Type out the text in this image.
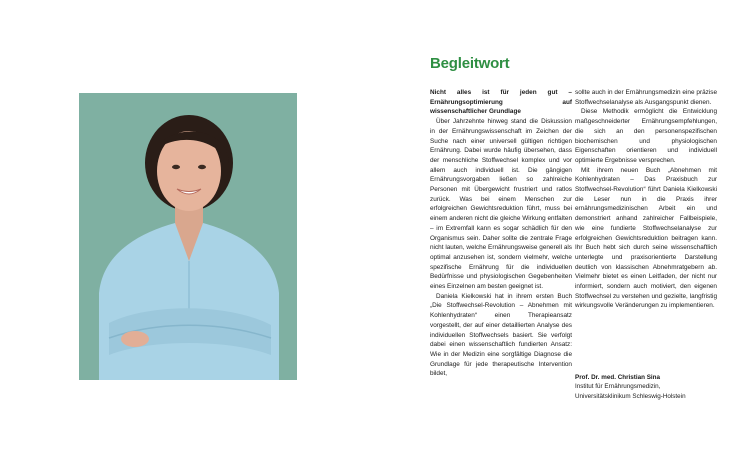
Begleitwort

Nicht alles ist für jeden gut – Ernährungsoptimierung auf wissenschaftlicher Grundlage

Über Jahrzehnte hinweg stand die Diskussion in der Ernährungswissenschaft im Zeichen der Suche nach einer universell gültigen richtigen Ernährung. Dabei wurde häufig übersehen, dass der menschliche Stoffwechsel komplex und vor allem auch individuell ist. Die gängigen Ernährungsvorgaben ließen so zahlreiche Personen mit Übergewicht frustriert und ratlos zurück. Was bei einem Menschen zur erfolgreichen Gewichtsreduktion führt, muss bei einem anderen nicht die gleiche Wirkung entfalten – im Extremfall kann es sogar schädlich für den Organismus sein. Daher sollte die zentrale Frage nicht lauten, welche Ernährungsweise generell als optimal anzusehen ist, sondern vielmehr, welche spezifische Ernährung für die individuellen Bedürfnisse und physiologischen Gegebenheiten eines Einzelnen am besten geeignet ist.

Daniela Kielkowski hat in ihrem ersten Buch „Die Stoffwechsel-Revolution – Abnehmen mit Kohlenhydraten“ einen Therapieansatz vorgestellt, der auf einer detaillierten Analyse des individuellen Stoffwechsels basiert. Sie verfolgt dabei einen wissenschaftlich fundierten Ansatz: Wie in der Medizin eine sorgfältige Diagnose die Grundlage für jede therapeutische Intervention bildet,

sollte auch in der Ernährungsmedizin eine präzise Stoffwechselanalyse als Ausgangspunkt dienen.

Diese Methodik ermöglicht die Entwicklung maßgeschneiderter Ernährungsempfehlungen, die sich an den personenspezifischen biochemischen und physiologischen Eigenschaften orientieren und individuell optimierte Ergebnisse versprechen.

Mit ihrem neuen Buch „Abnehmen mit Kohlenhydraten – Das Praxisbuch zur Stoffwechsel-Revolution“ führt Daniela Kielkowski die Leser nun in die Praxis ihrer ernährungsmedizinischen Arbeit ein und demonstriert anhand zahlreicher Fallbeispiele, wie eine fundierte Stoffwechselanalyse zur erfolgreichen Gewichtsreduktion beitragen kann. Ihr Buch hebt sich durch seine wissenschaftlich unterlegte und praxisorientierte Darstellung deutlich von klassischen Abnehmratgebern ab. Vielmehr bietet es einen Leitfaden, der nicht nur informiert, sondern auch motiviert, den eigenen Stoffwechsel zu verstehen und gezielte, langfristig wirkungsvolle Veränderungen zu implementieren.

Prof. Dr. med. Christian Sina
Institut für Ernährungsmedizin,
Universitätsklinikum Schleswig-Holstein
